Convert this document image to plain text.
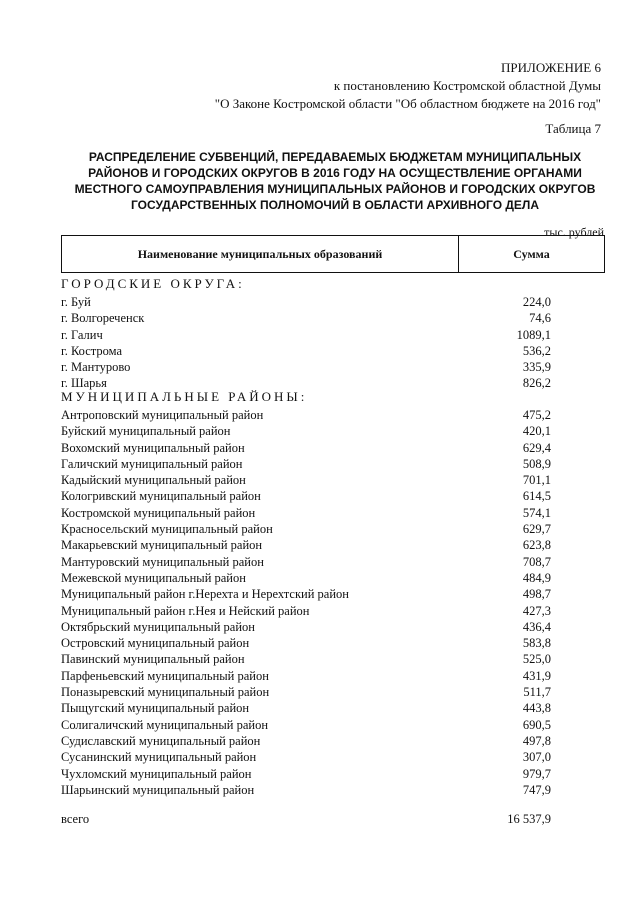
ПРИЛОЖЕНИЕ 6
к постановлению Костромской областной Думы
"О Законе Костромской области "Об областном бюджете на 2016 год"
Таблица 7
РАСПРЕДЕЛЕНИЕ СУБВЕНЦИЙ, ПЕРЕДАВАЕМЫХ БЮДЖЕТАМ МУНИЦИПАЛЬНЫХ РАЙОНОВ И ГОРОДСКИХ ОКРУГОВ В 2016 ГОДУ НА ОСУЩЕСТВЛЕНИЕ ОРГАНАМИ МЕСТНОГО САМОУПРАВЛЕНИЯ МУНИЦИПАЛЬНЫХ РАЙОНОВ И ГОРОДСКИХ ОКРУГОВ ГОСУДАРСТВЕННЫХ ПОЛНОМОЧИЙ В ОБЛАСТИ АРХИВНОГО ДЕЛА
тыс. рублей
Наименование муниципальных образований	Сумма
ГОРОДСКИЕ ОКРУГА:
г. Буй	224,0
г. Волгореченск	74,6
г. Галич	1089,1
г. Кострома	536,2
г. Мантурово	335,9
г. Шарья	826,2
МУНИЦИПАЛЬНЫЕ РАЙОНЫ:
Антроповский муниципальный район	475,2
Буйский муниципальный район	420,1
Вохомский муниципальный район	629,4
Галичский муниципальный район	508,9
Кадыйский муниципальный район	701,1
Кологривский муниципальный район	614,5
Костромской муниципальный район	574,1
Красносельский муниципальный район	629,7
Макарьевский муниципальный район	623,8
Мантуровский муниципальный район	708,7
Межевской муниципальный район	484,9
Муниципальный район г.Нерехта и Нерехтский район	498,7
Муниципальный район г.Нея и Нейский район	427,3
Октябрьский муниципальный район	436,4
Островский муниципальный район	583,8
Павинский муниципальный район	525,0
Парфеньевский муниципальный район	431,9
Поназыревский муниципальный район	511,7
Пыщугский муниципальный район	443,8
Солигаличский муниципальный район	690,5
Судиславский муниципальный район	497,8
Сусанинский муниципальный район	307,0
Чухломский муниципальный район	979,7
Шарьинский муниципальный район	747,9
всего	16 537,9
